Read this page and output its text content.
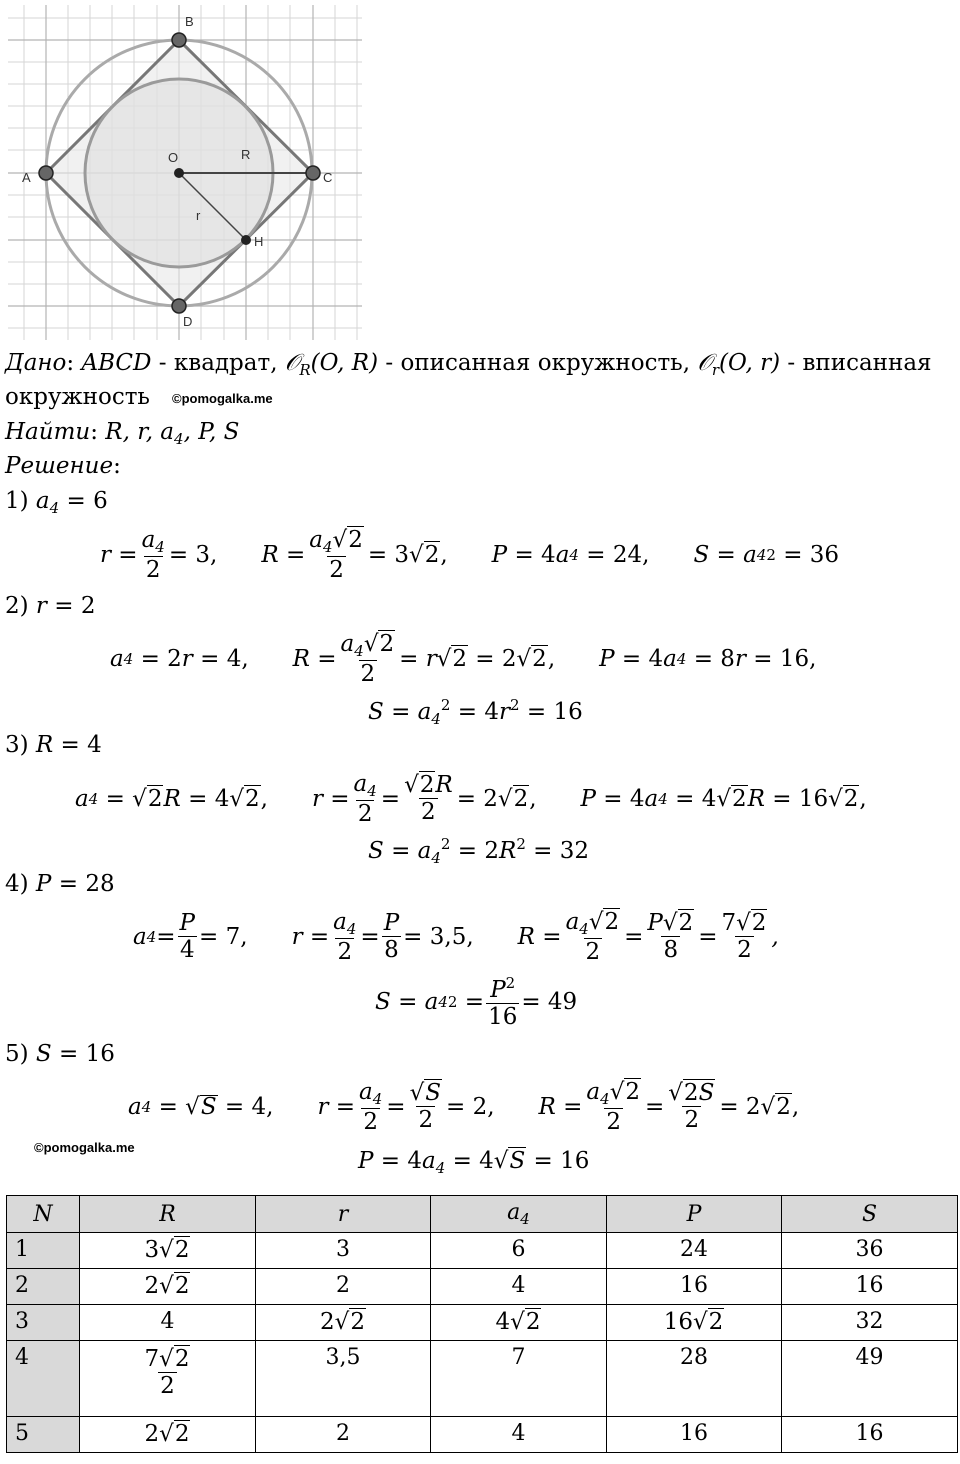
A
B
C
D
O
H
R
r
Дано: ABCD - квадрат, 𝒪$_R$(O, R) - описанная окружность, 𝒪$_r$(O, r) - вписанная
окружность ©pomogalka.me
Найти: R, r, $a_4$, P, S
Решение:
1) $a_4 = 6$
$r = \frac{a_4}{2} = 3$, $R = \frac{a_4√2}{2} = 3√2$, P = 4 a 4 = 24, S = a 4 2 = 36
2) r = 2
a 4 = 2 r = 4, $R = \frac{a_4√2}{2} = r$ √2 = 2√2, P = 4 a 4 = 8 r = 16,
$S = a_4^2 = 4r^2 = 16$
3) R = 4
a 4 = √2 R = 4√2, $r = \frac{a_4}{2} = \frac{√2R}{2} = 2√2$, P = 4 a 4 = 4√2 R = 16√2,
$S = a_4^2 = 2R^2 = 32$
4) P = 28
a $4 = \frac{P}{4} = 7$, $r = \frac{a_4}{2} = \frac{P}{8} = 3,5$, $R = \frac{a_4√2}{2} = \frac{P√2}{8} = \frac{7√2}{2}$ ,
S = a 4 $2 = \frac{P^2}{16} = 49$
5) S = 16
a 4 = √ S = 4, $r = \frac{a_4}{2} = \frac{√S}{2} = 2$, $R = \frac{a_4√2}{2} = \frac{√2S}{2} = 2√2$,
©pomogalka.me
$P = 4a_4 = 4√S = 16$
N	R	r	$a_4$	P	S
1	3√2	3	6	24	36
2	2√2	2	4	16	16
3	4	2√2	4√2	16√2	32
4	$\frac{7√2}{2}$	3,5	7	28	49
5	2√2	2	4	16	16
